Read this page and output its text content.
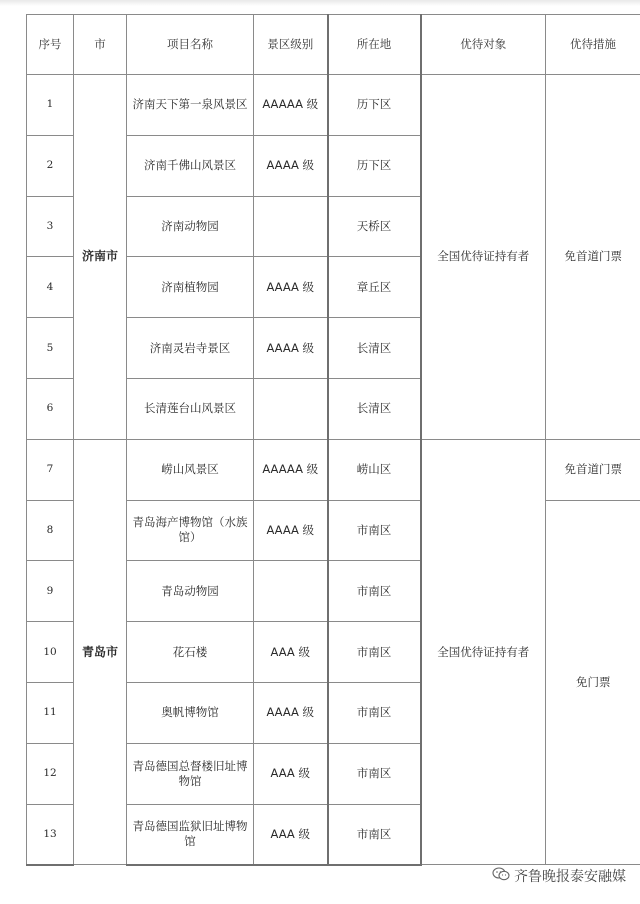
序号	市	项目名称	景区级别	所在地	优待对象	优待措施
1	济南市	济南天下第一泉风景区	AAAAA 级	历下区	全国优待证持有者	免首道门票
2		济南千佛山风景区	AAAA 级	历下区		
3		济南动物园		天桥区		
4		济南植物园	AAAA 级	章丘区		
5		济南灵岩寺景区	AAAA 级	长清区		
6		长清莲台山风景区		长清区		
7	青岛市	崂山风景区	AAAAA 级	崂山区	全国优待证持有者	免首道门票
8		青岛海产博物馆（水族馆）	AAAA 级	市南区		免门票
9		青岛动物园		市南区		
10		花石楼	AAA 级	市南区		
11		奥帆博物馆	AAAA 级	市南区		
12		青岛德国总督楼旧址博物馆	AAA 级	市南区		
13		青岛德国监狱旧址博物馆	AAA 级	市南区		
齐鲁晚报泰安融媒
